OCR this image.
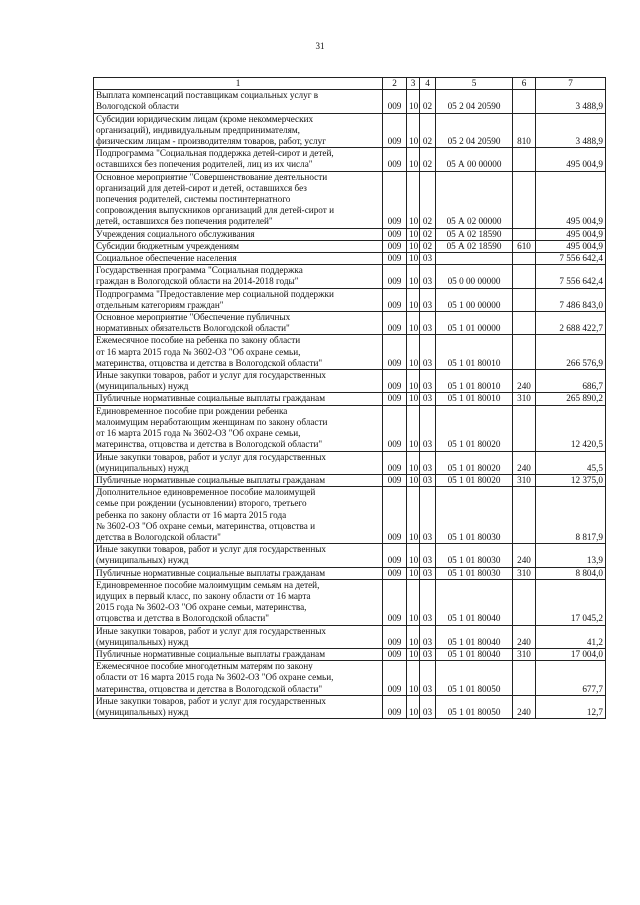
31
1	2	3	4	5	6	7
Выплата компенсаций поставщикам социальных услуг в
Вологодской области	009	10	02	05 2 04 20590		3 488,9
Субсидии юридическим лицам (кроме некоммерческих
организаций), индивидуальным предпринимателям,
физическим лицам - производителям товаров, работ, услуг	009	10	02	05 2 04 20590	810	3 488,9
Подпрограмма "Социальная поддержка детей-сирот и детей,
оставшихся без попечения родителей, лиц из их числа"	009	10	02	05 А 00 00000		495 004,9
Основное мероприятие "Совершенствование деятельности
организаций для детей-сирот и детей, оставшихся без
попечения родителей, системы постинтернатного
сопровождения выпускников организаций для детей-сирот и
детей, оставшихся без попечения родителей"	009	10	02	05 А 02 00000		495 004,9
Учреждения социального обслуживания	009	10	02	05 А 02 18590		495 004,9
Субсидии бюджетным учреждениям	009	10	02	05 А 02 18590	610	495 004,9
Социальное обеспечение населения	009	10	03			7 556 642,4
Государственная программа "Социальная поддержка
граждан в Вологодской области на 2014-2018 годы"	009	10	03	05 0 00 00000		7 556 642,4
Подпрограмма "Предоставление мер социальной поддержки
отдельным категориям граждан"	009	10	03	05 1 00 00000		7 486 843,0
Основное мероприятие "Обеспечение публичных
нормативных обязательств Вологодской области"	009	10	03	05 1 01 00000		2 688 422,7
Ежемесячное пособие на ребенка по закону области
от 16 марта 2015 года № 3602-ОЗ "Об охране семьи,
материнства, отцовства и детства в Вологодской области"	009	10	03	05 1 01 80010		266 576,9
Иные закупки товаров, работ и услуг для государственных
(муниципальных) нужд	009	10	03	05 1 01 80010	240	686,7
Публичные нормативные социальные выплаты гражданам	009	10	03	05 1 01 80010	310	265 890,2
Единовременное пособие при рождении ребенка
малоимущим неработающим женщинам по закону области
от 16 марта 2015 года № 3602-ОЗ "Об охране семьи,
материнства, отцовства и детства в Вологодской области"	009	10	03	05 1 01 80020		12 420,5
Иные закупки товаров, работ и услуг для государственных
(муниципальных) нужд	009	10	03	05 1 01 80020	240	45,5
Публичные нормативные социальные выплаты гражданам	009	10	03	05 1 01 80020	310	12 375,0
Дополнительное единовременное пособие малоимущей
семье при рождении (усыновлении) второго, третьего
ребенка по закону области от 16 марта 2015 года
№ 3602-ОЗ "Об охране семьи, материнства, отцовства и
детства в Вологодской области"	009	10	03	05 1 01 80030		8 817,9
Иные закупки товаров, работ и услуг для государственных
(муниципальных) нужд	009	10	03	05 1 01 80030	240	13,9
Публичные нормативные социальные выплаты гражданам	009	10	03	05 1 01 80030	310	8 804,0
Единовременное пособие малоимущим семьям на детей,
идущих в первый класс, по закону области от 16 марта
2015 года № 3602-ОЗ "Об охране семьи, материнства,
отцовства и детства в Вологодской области"	009	10	03	05 1 01 80040		17 045,2
Иные закупки товаров, работ и услуг для государственных
(муниципальных) нужд	009	10	03	05 1 01 80040	240	41,2
Публичные нормативные социальные выплаты гражданам	009	10	03	05 1 01 80040	310	17 004,0
Ежемесячное пособие многодетным матерям по закону
области от 16 марта 2015 года № 3602-ОЗ "Об охране семьи,
материнства, отцовства и детства в Вологодской области"	009	10	03	05 1 01 80050		677,7
Иные закупки товаров, работ и услуг для государственных
(муниципальных) нужд	009	10	03	05 1 01 80050	240	12,7
